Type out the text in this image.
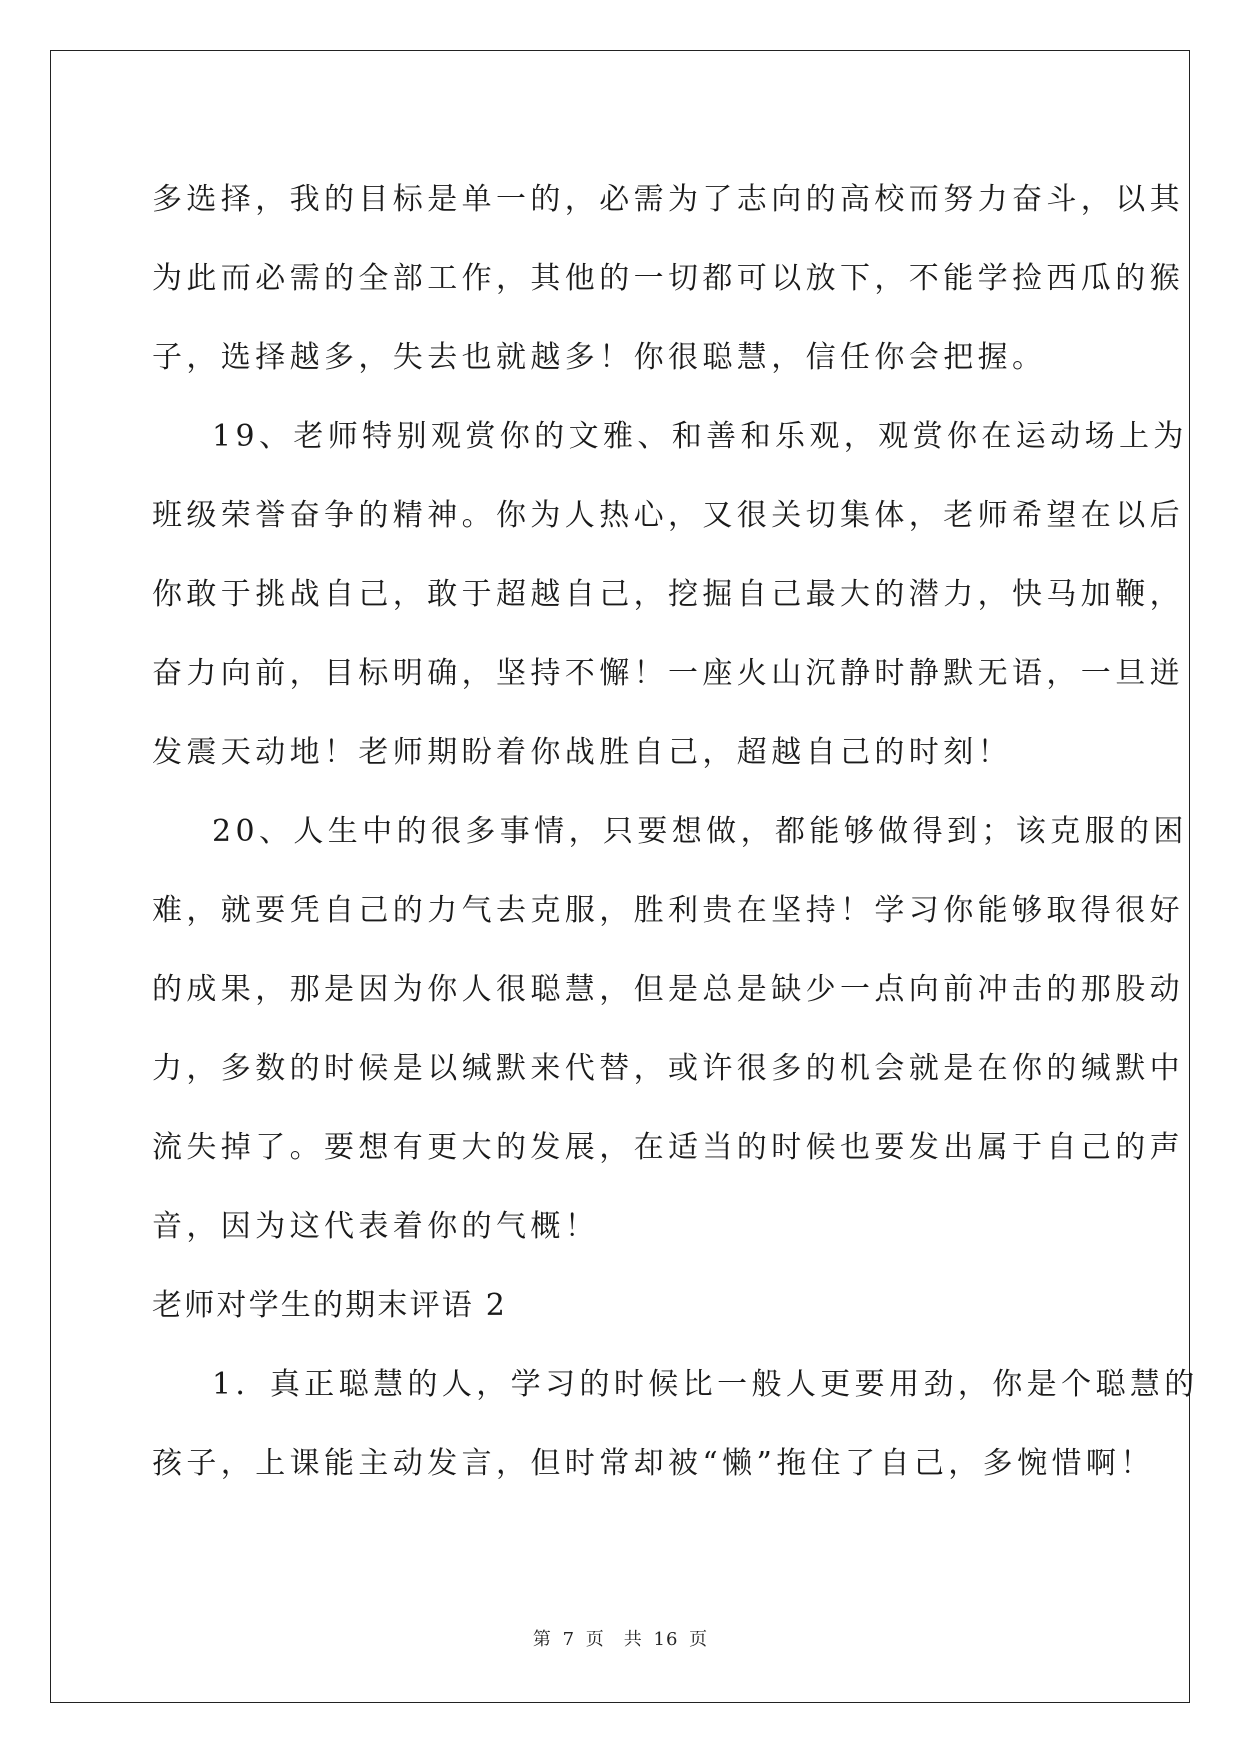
多选择，我的目标是单一的，必需为了志向的高校而努力奋斗，以其
为此而必需的全部工作，其他的一切都可以放下，不能学捡西瓜的猴
子，选择越多，失去也就越多！你很聪慧，信任你会把握。
19、老师特别观赏你的文雅、和善和乐观，观赏你在运动场上为
班级荣誉奋争的精神。你为人热心，又很关切集体，老师希望在以后
你敢于挑战自己，敢于超越自己，挖掘自己最大的潜力，快马加鞭，
奋力向前，目标明确，坚持不懈！一座火山沉静时静默无语，一旦迸
发震天动地！老师期盼着你战胜自己，超越自己的时刻！
20、人生中的很多事情，只要想做，都能够做得到；该克服的困
难，就要凭自己的力气去克服，胜利贵在坚持！学习你能够取得很好
的成果，那是因为你人很聪慧，但是总是缺少一点向前冲击的那股动
力，多数的时候是以缄默来代替，或许很多的机会就是在你的缄默中
流失掉了。要想有更大的发展，在适当的时候也要发出属于自己的声
音，因为这代表着你的气概！
老师对学生的期末评语 2
1．真正聪慧的人，学习的时候比一般人更要用劲，你是个聪慧的
孩子，上课能主动发言，但时常却被“懒”拖住了自己，多惋惜啊！
第 7 页　共 16 页
